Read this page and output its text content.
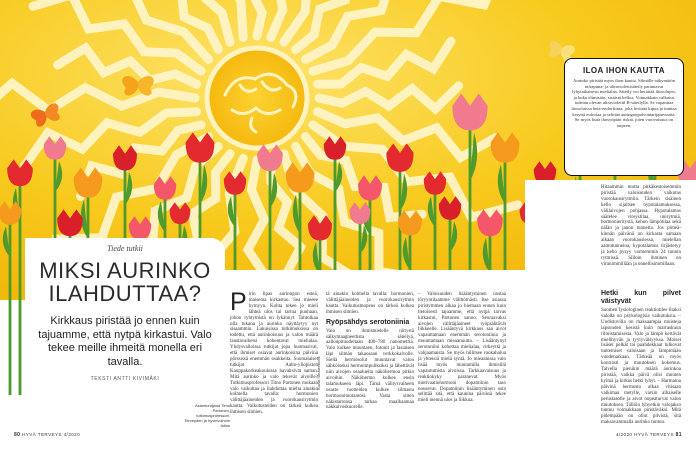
Tiede tutkii
MIKSI AURINKO
ILAHDUTTAA?
Kirkkaus piristää jo ennen kuin tajuamme, että nytpä kirkastui. Valo tekee meille ihmeitä monella eri tavalla.
TEKSTI ANTTI KIVIMÄKI
Asiantuntijana Timo Partonen, tutkimusprofessori, Terveyden ja hyvinvoinnin laitos
P irin lipas aurinngon esteä, maisema kirkastuu. Sea mieeee hymyyn. Kohta tekee jo mieli lähteä ulos tai tartua puuhaan, johon ryhtymistä on lykännyt. Tahtolkaa olla tukana ja aurinko näyttäytyy nyt sisaammin. Lukuisissa tutkimuksissa on todettu, että aurinkoisuus ja valon määrä taustavaihetsi kohentavat mielialaa. Yhdysvalloissa tutkijat jopa huomasivat, että ihmiset osiavat aurinkoisina päivinä pörssissä enemmän osakkeita. Suomalaiset tutkijat Aalto-yliopiston Kauppakorkeakoulussa havaitsivat saman. Mitä aurinko ja valo tekevät aivoille? Tutkimusprofessori Timo Partonen mukaan valo vaikuttaa ja ilahduttaa mielta ainakin kolmella tavalla: hormonien välittäjäaineiden ja vuorokausirytmin kautta. Vaikutusteiden on tärkeä kulkea ihmisen silmien.
Kuvat Shutterstock

tä ainakin kolmella tavalla: hormonien, välittäjäaineiden ja vuorokausirytmin kautta. Vaikutusmopeus on tärkeä kulkea ihmisen silmien.

Ryöpsähdys serotoniinia

Valo on ihmismielelle niitystä sälkymaagneettista säteilyä, aallonpituudeltaan 400–780 nanometriä. Valo kulkee muuntaen, fotonit ja lasiaisen läpi silmän takaosaan verkkokalvolle. Siellä hermosolut muuntavat valon sähköiseksi hermoimpuliksiksi ja lähettävät niin aivojen osaalueita näköhermoa pitkin aivoihin. Näköhermo kulkee ensin talamukseen läpi. Tämä välitysvaiheen osasto tuotteiden kulkee silmasta hormoonituotantosi. Vasta sitten näkistaitonsa tarkaa maalkaamaa näkkaivoskuorelle.

– Valoisuuden lisääntyminen nostaa töryyntilaamme välittömästi. Itse asiassa piristymmen alkaa jo hiemaan ennen kuin tietoisesti tajuamme, että nytpä tarvas kirkastui, Partonen sanoo. Seuraavaksi aivojen välittäjäaineet ryöpsähtävät liikkeelle. Lisääntyvä kirkkaus saa aivot vapauttamaan enemmän serotoniinia ja muuntamaan mieaanuutta. – Lisääntynyt serotoniini kohottaa mielialaa, virkeyttä ja vahjaamaista. Se myös hillitsee ruokahalua ja yhteisiä mielä syntä. Jo mieaanissa valo lisää myös muutamilla ihmisillä vapautumista aivoissa. Tarkkaavaisuus ja reaktiokyky paranevat. Myös motivaatiohormoni dopamiinin taso nousevat. Dopamiinin lisääntyminen osin selittää sitä, että kaunina päivänä tekee mieli mennä ulos ja liikkua.

Hitaammin mutta pitkäkestoisemmin piristää valoisuuden vaikutus vuorokausirytmiin. Tärkein sisäinen kello sijaitsee hypotalamuksessa, välilaivojen pohjassa. Hypotalamus säätelee vireystilaa, unirytmiä, hormonieritystä, kehon lämpötilaa sekä nälän ja janon tunnetta. Jos pimeä-kinnän päivänä on kirkasta samaan aikaan vuorokausiessa, mielellan aamutunneina, hypotalamus tirjästetyy ja keho pysyy varmemmin 24 tunnin rytmissä. Silloin ihminen on virunimmillään ja onnellisimmillaan.

Hetki kun pilvet väistyvät

Suomen fysiologinen reaktiotilee litaksi valolla on psykologisia vaikutuksia. – Uudistuvilla on maksaampia muisteja lapsuuden kesistä kuin marraskuun rilmistamisesta. Valo ja lämpö kertävät mielihyvän ja tyytyväisyyksa. Moiset lisäset pelkät tai paahdekkaat tulkovat tuntemiset valoisaan ja lämpimään vuodenaikaan. Tärkeää on myös kontrasti ja muutoksen kokemus. Talvella pienikin määrä aurinkoa piristää, vaikka päivä olisi muuten kylmä ja kirkas hetki lyhyt. – Harmaina päivinä hermosto alkaa vitisaan vaikimaa metylle, varsin alhaiselle perustasolle ja aivot nopeaturvat valon muutoksen. Tällöin lyhyetkin valojakso tuntuu voimakkaan piristäväksi. Mitä pidempään on ollut pilvistä, sitä maksavammalla aurinko tuntuu.

ILOA IHON KAUTTA
Aurinko piristää myös ihon kautta. Silmälle näkymätön infrapuna- ja ultraviolettisäteily parantavat lyhytaikaisesti mielialaa. Säteily voi herättää ihosolujen, ja kuko elimistön, sisäistä kelloa. Voimakkain valkutus todetan olevan ultraviolettil B-säteilyllä. Se vapauttaa ihosoluissa beta-endorfiinia, joka levittää kipua ja tunttaa keryttä euforiaa ja selittää auringonpalvontarippuvuutta. Se myös lisää ihosyöpiän riskiä, joten varovaisuus on tarpeen.
80 HYVÄ TERVEYS 4/2020	4/2020 HYVÄ TERVEYS 81
